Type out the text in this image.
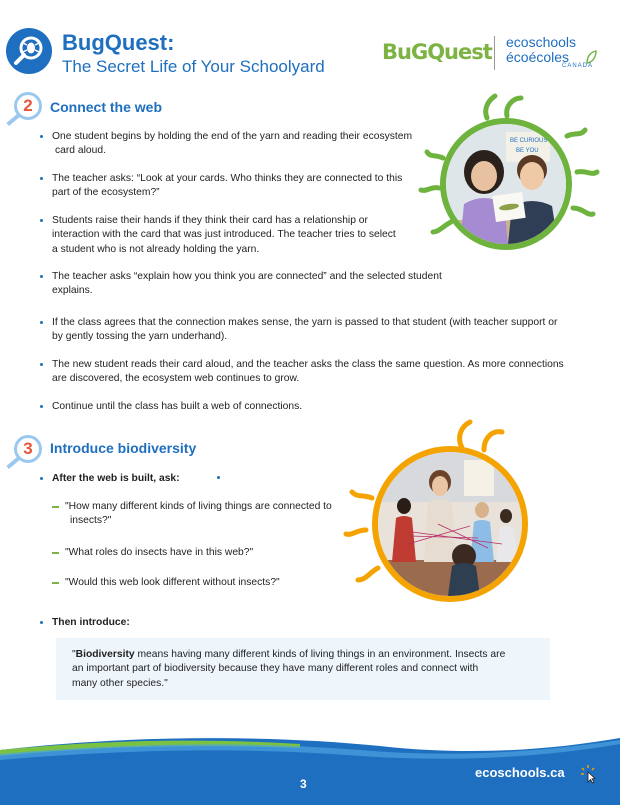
BugQuest:
The Secret Life of Your Schoolyard
BuGQuest ecoschools
écoécoles
CANADA
2	Connect the web
One student begins by holding the end of the yarn and reading their ecosystem
card aloud.
The teacher asks: “Look at your cards. Who thinks they are connected to this
part of the ecosystem?”
Students raise their hands if they think their card has a relationship or
interaction with the card that was just introduced. The teacher tries to select
a student who is not already holding the yarn.
The teacher asks “explain how you think you are connected” and the selected student
explains.
If the class agrees that the connection makes sense, the yarn is passed to that student (with teacher support or
by gently tossing the yarn underhand).
The new student reads their card aloud, and the teacher asks the class the same question. As more connections
are discovered, the ecosystem web continues to grow.
Continue until the class has built a web of connections.
BE CURIOUS
BE YOU
3	Introduce biodiversity
After the web is built, ask:
"How many different kinds of living things are connected to
insects?"
"What roles do insects have in this web?"
"Would this web look different without insects?"
Then introduce:
"Biodiversity means having many different kinds of living things in an environment. Insects are
an important part of biodiversity because they have many different roles and connect with
many other species."
3
ecoschools.ca
